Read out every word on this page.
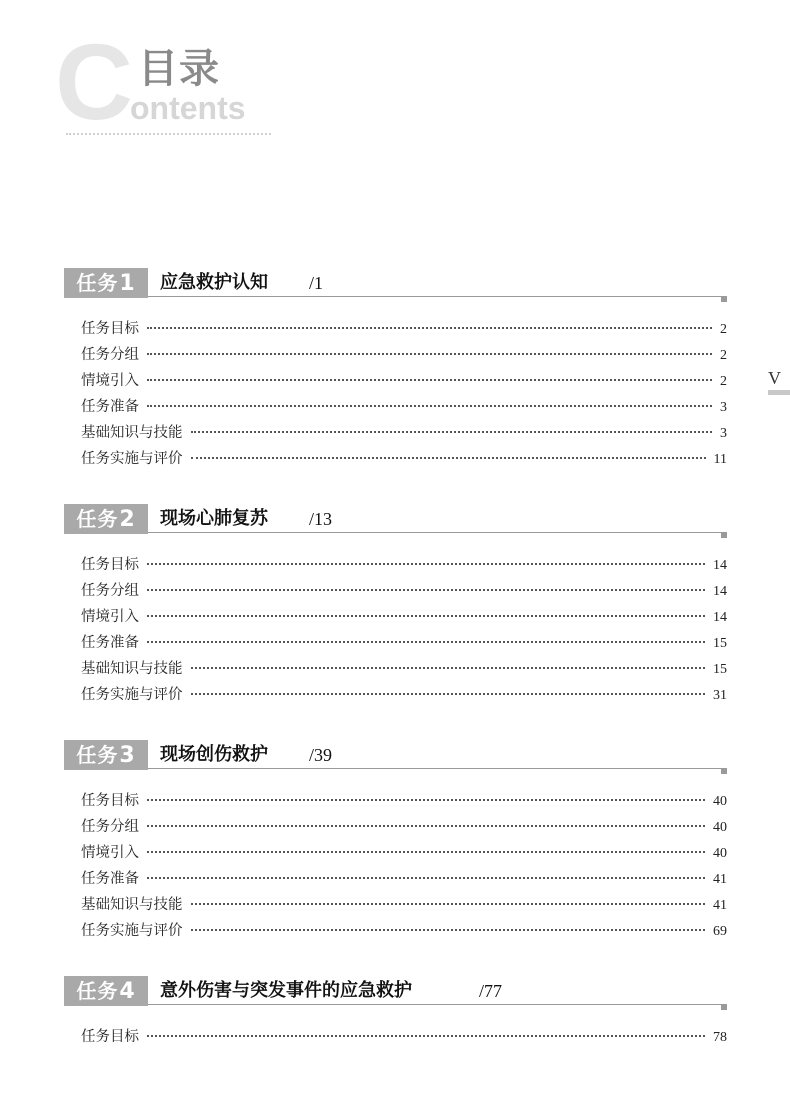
C 目录
ontents
V
任务1	应急救护认知 /1
任务目标	2
任务分组	2
情境引入	2
任务准备	3
基础知识与技能	3
任务实施与评价	11
任务2	现场心肺复苏 /13
任务目标	14
任务分组	14
情境引入	14
任务准备	15
基础知识与技能	15
任务实施与评价	31
任务3	现场创伤救护 /39
任务目标	40
任务分组	40
情境引入	40
任务准备	41
基础知识与技能	41
任务实施与评价	69
任务4	意外伤害与突发事件的应急救护	/77
任务目标	78
